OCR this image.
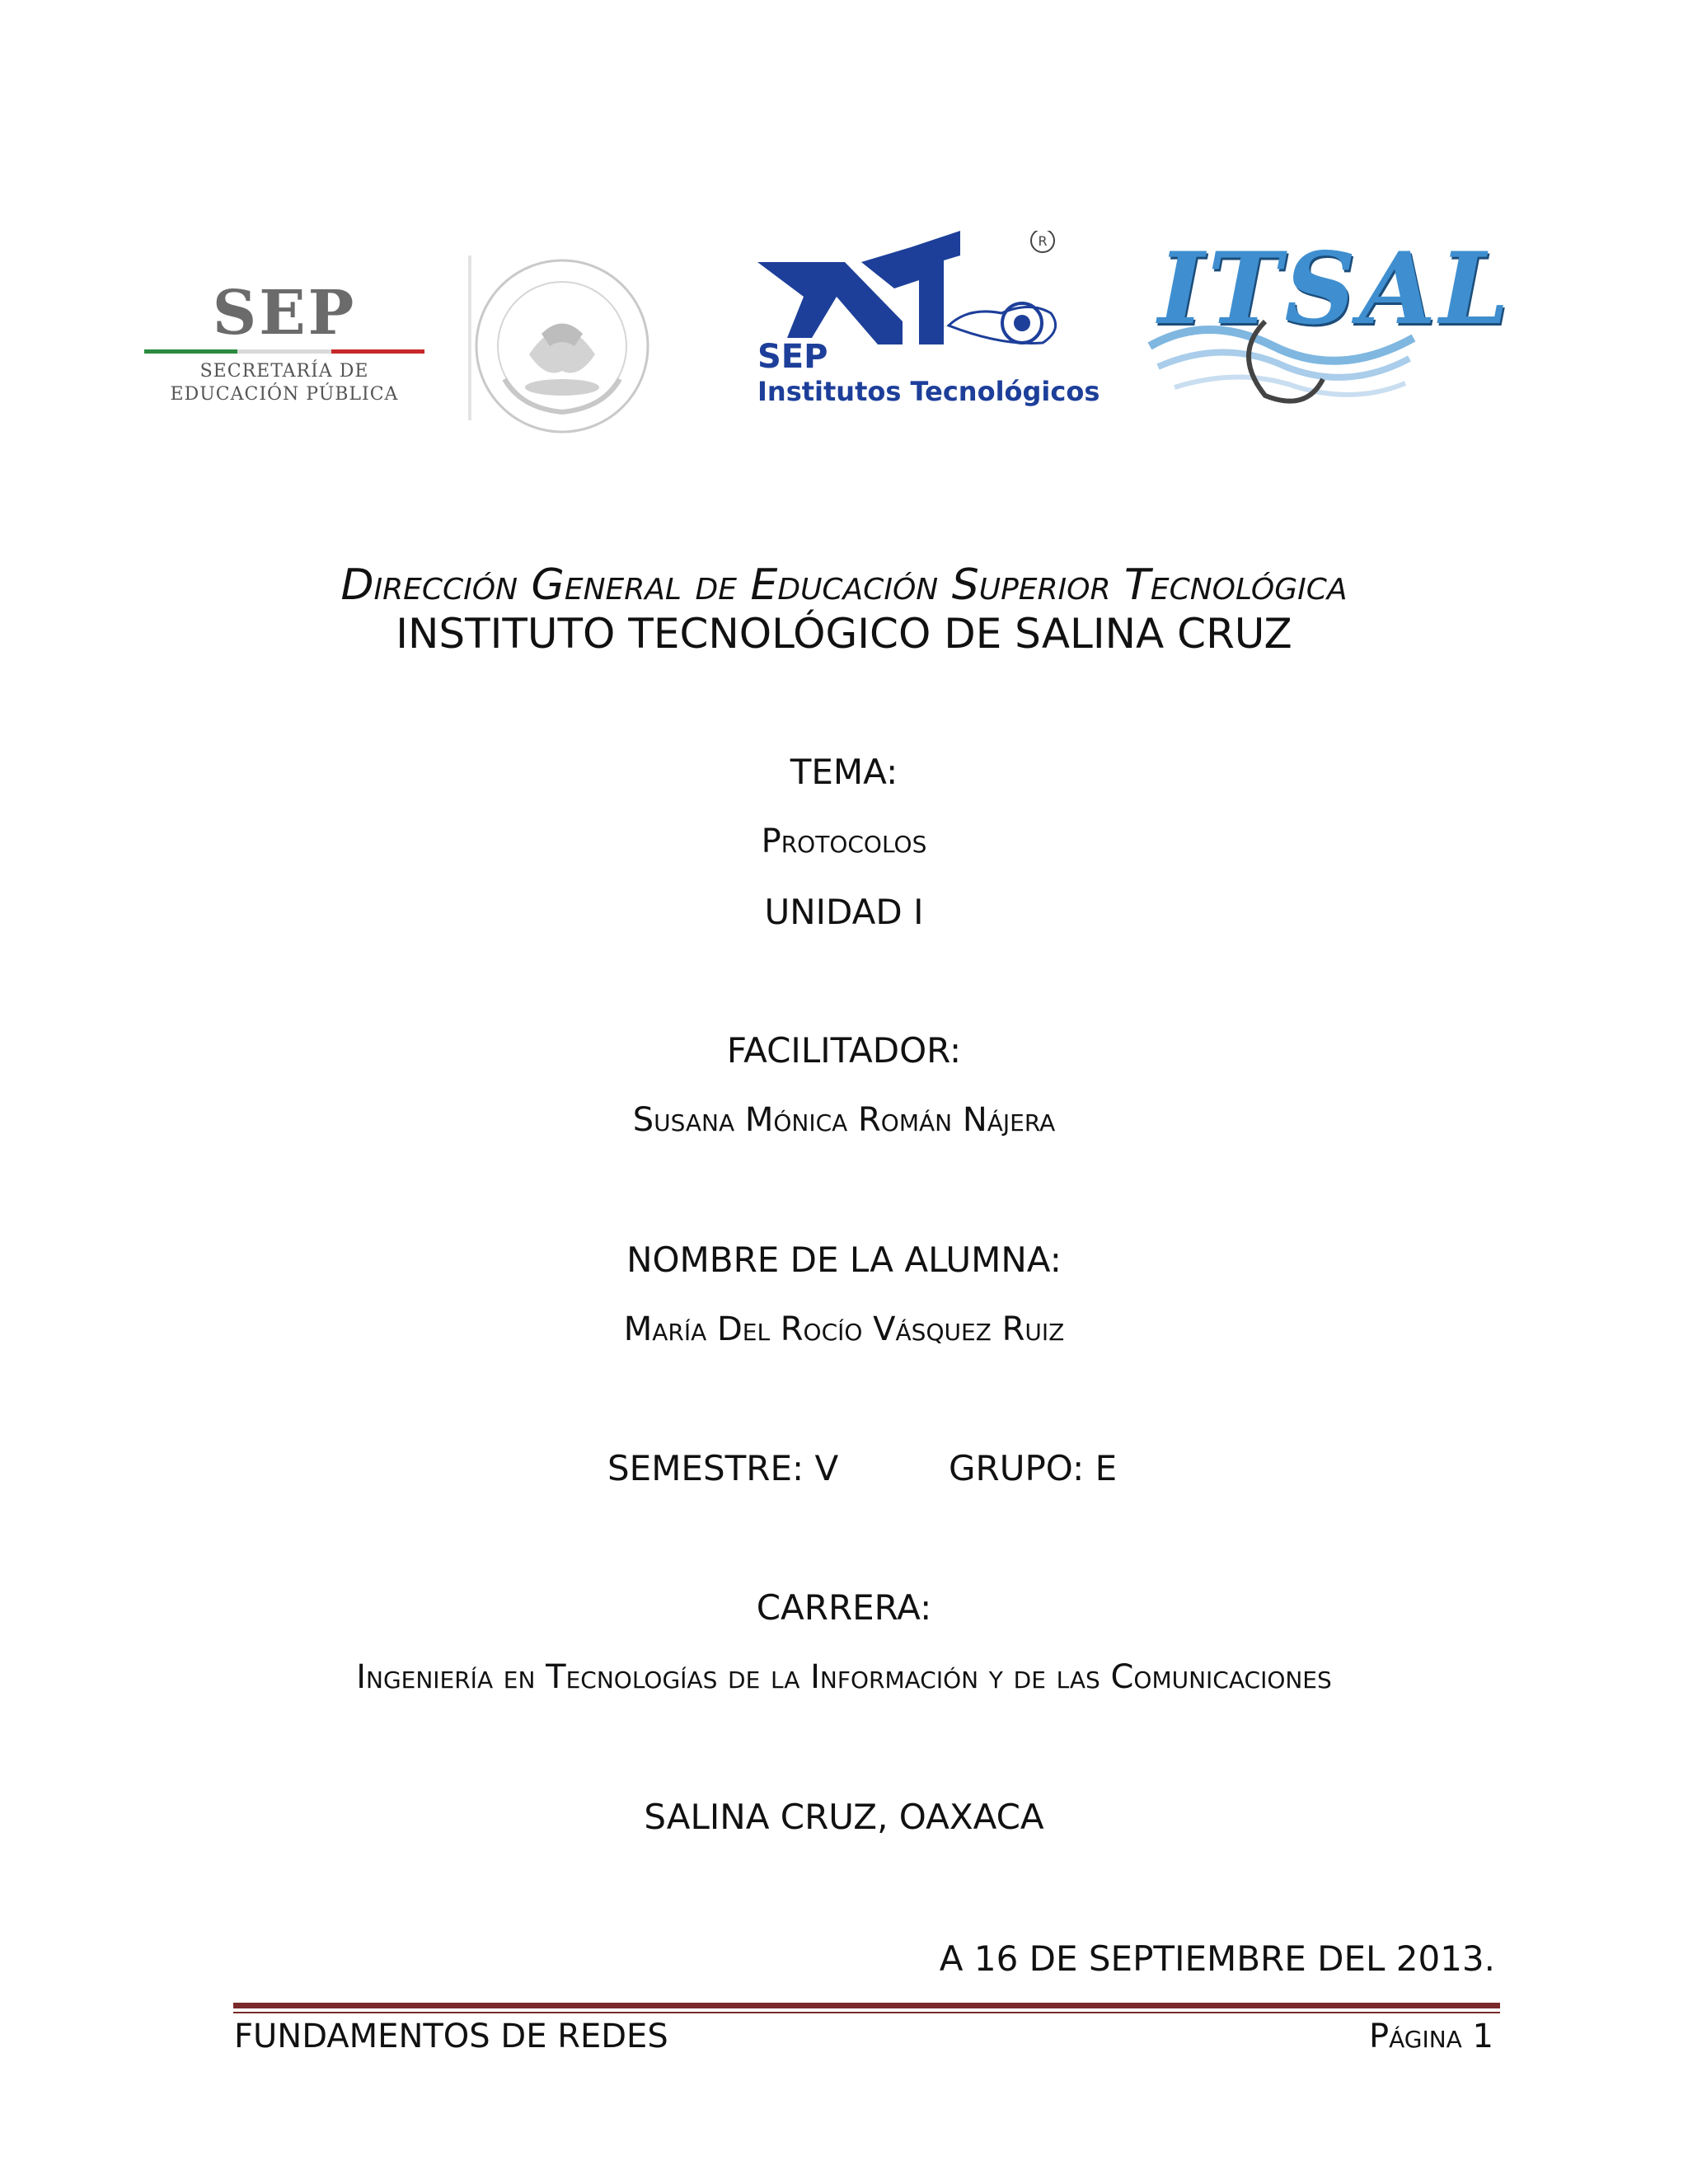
SEP
SECRETARÍA DE
EDUCACIÓN PÚBLICA
R
SEP
Institutos Tecnológicos
ITSAL
Dirección General de Educación Superior Tecnológica
INSTITUTO TECNOLÓGICO DE SALINA CRUZ
TEMA:
Protocolos
UNIDAD I
FACILITADOR:
Susana Mónica Román Nájera
NOMBRE DE LA ALUMNA:
María Del Rocío Vásquez Ruiz
SEMESTRE: V	GRUPO: E
CARRERA:
Ingeniería en Tecnologías de la Información y de las Comunicaciones
SALINA CRUZ, OAXACA
A 16 DE SEPTIEMBRE DEL 2013.
FUNDAMENTOS DE REDES	Página 1
